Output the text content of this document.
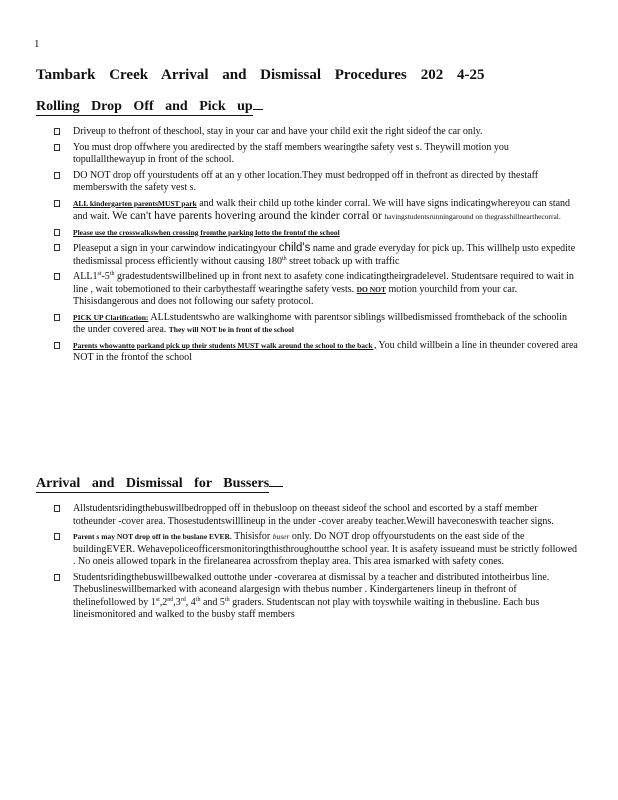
1
Tambark Creek Arrival and Dismissal Procedures 202 4-25
Rolling Drop Off and Pick up
Driveup to thefront of theschool, stay in your car and have your child exit the right sideof the car only.
You must drop offwhere you aredirected by the staff members wearingthe safety vest s. Theywill motion you topullallthewayup in front of the school.
DO NOT drop off yourstudents off at an y other location.They must bedropped off in thefront as directed by thestaff memberswith the safety vest s.
ALL kindergarten parentsMUST park and walk their child up tothe kinder corral. We will have signs indicatingwhereyou can stand and wait. We can't have parents hovering around the kinder corral or havingstudentsrunningaround on thegrasshillnearthecorral.
Please use the crosswalkswhen crossing fromthe parking lotto the frontof the school
Pleaseput a sign in your carwindow indicatingyour child's name and grade everyday for pick up. This willhelp usto expedite thedismissal process efficiently without causing 180th street toback up with traffic
ALL1st-5th gradestudentswillbelined up in front next to asafety cone indicatingtheirgradelevel. Studentsare required to wait in line , wait tobemotioned to their carbythestaff wearingthe safety vests. DO NOT motion yourchild from your car. Thisisdangerous and does not following our safety protocol.
PICK UP Clarification: ALLstudentswho are walkinghome with parentsor siblings willbedismissed fromtheback of the schoolin the under covered area. They will NOT be in front of the school
Parents whowantto parkand pick up their students MUST walk around the school to the back , You child willbein a line in theunder covered area NOT in the frontof the school
Arrival and Dismissal for Bussers
Allstudentsridingthebuswillbedropped off in thebusloop on theeast sideof the school and escorted by a staff member totheunder -cover area. Thosestudentswilllineup in the under -cover areaby teacher.Wewill haveconeswith teacher signs.
Parent s may NOT drop off in the buslane EVER. Thisisfor buser only. Do NOT drop offyourstudents on the east side of the buildingEVER. Wehavepoliceofficersmonitoringthisthroughoutthe school year. It is asafety issueand must be strictly followed . No oneis allowed topark in the firelanearea acrossfrom theplay area. This area ismarked with safety cones.
Studentsridingthebuswillbewalked outtothe under -coverarea at dismissal by a teacher and distributed intotheirbus line. Thebuslineswillbemarked with aconeand alargesign with thebus number . Kindergarteners lineup in thefront of thelinefollowed by 1st,2nd,3rd, 4th and 5th graders. Studentscan not play with toyswhile waiting in thebusline. Each bus lineismonitored and walked to the busby staff members
